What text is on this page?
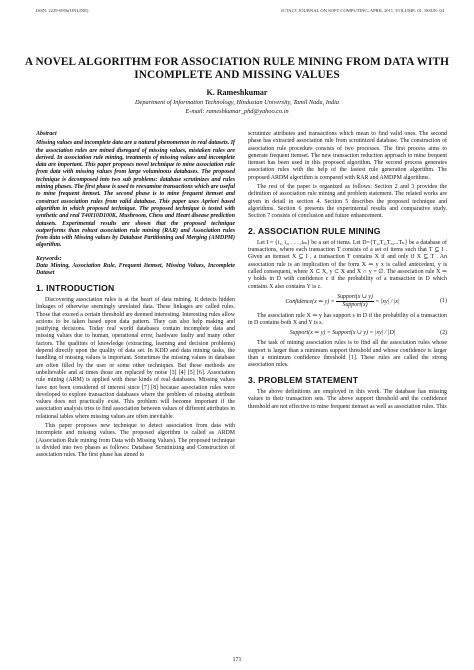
ISSN: 2229-6956(ONLINE)	ICTACT JOURNAL ON SOFT COMPUTING, APRIL 2011, VOLUME: 01, ISSUE: 04
A NOVEL ALGORITHM FOR ASSOCIATION RULE MINING FROM DATA WITH
INCOMPLETE AND MISSING VALUES
K. Rameshkumar
Department of Information Technology, Hindustan University, Tamil Nadu, India
E-mail: rameshkumar_phd@yahoo.co.in
Abstract

Missing values and incomplete data are a natural phenomenon in real datasets. If the association rules are mined disregard of missing values, mistaken rules are derived. In association rule mining, treatments of missing values and incomplete data are important. This paper proposes novel technique to mine association rule from data with missing values from large voluminous databases. The proposed technique is decomposed into two sub problems: database scrutinizes and rules mining phases. The first phase is used to reexamine transactions which are useful to mine frequent itemset. The second phase is to mine frequent itemset and construct association rules from valid database. This paper uses Apriori based algorithm in which proposed technique. The proposed technique is tested with synthetic and real T40I10D100K, Mushroom, Chess and Heart disease prediction datasets. Experimental results are shown that the proposed technique outperforms than robust association rule mining (RAR) and Association rules from data with Missing values by Database Partitioning and Merging (AMDPM) algorithm.

Keywords:
Data Mining, Association Rule, Frequent Itemset, Missing Values, Incomplete Dataset
1. INTRODUCTION

Discovering association rules is at the heart of data mining. It detects hidden linkages of otherwise seemingly unrelated data. These linkages are called rules. Those that exceed a certain threshold are deemed interesting. Interesting rules allow actions to be taken based upon data pattern. They can also help making and justifying decisions. Today real world databases contain incomplete data and missing values due to human, operational error, hardware faulty and many other factors. The qualities of knowledge (extracting, learning and decision problems) depend directly upon the quality of data set. In KDD and data mining tasks, the handling of missing values is important. Sometimes the missing values in database are often filled by the user or some other techniques. But these methods are unbelievable and at times those are replaced by noise [3] [4] [5] [6]. Association rule mining (ARM) is applied with these kinds of real databases. Missing values have not been considered of interest since [7] [8] because association rules were developed to explore transaction databases where the problem of missing attribute values does not practically exist. This problem will become important if the association analysis tries to find association between values of different attributes in relational tables where missing values are often inevitable.

This paper proposes new technique to detect association from data with incomplete and missing values. The proposed algorithm is called as ARDM (Association Rule mining from Data with Missing Values). The proposed technique is divided into two phases as follows: Database Scrutinizing and Construction of association rules. The first phase has aimed to

scrutinize attributes and transactions which mean to find valid ones. The second phase has extracted association rule from scrutinized database. The construction of association rule procedure consists of two processes. The first process aims to generate frequent itemset. The new transaction reduction approach to mine frequent itemset has been used in this proposed algorithm. The second process generates association rules with the help of the fastest rule generation algorithm. The proposed ARDM algorithm is compared with RAR and AMDPM algorithms.

The rest of the paper is organized as follows: Section 2 and 3 provides the definition of association rule mining and problem statement. The related works are given in detail in section 4. Section 5 describes the proposed technique and algorithms. Section 6 presents the experimental results and comparative study. Section 7 consists of conclusion and future enhancement.

2. ASSOCIATION RULE MINING

Let I = {i₁, i₂, . . . ,iₘ} be a set of items. Let D={T₁,T₂,T₃,...Tₙ} be a database of transactions, where each transaction T consists of a set of items such that T ⊆ I . Given an itemset X ⊆ I , a transaction T contains X if and only if X ⊆ T . An association rule is an implication of the form X ⇒ y x is called antecedent, y is called consequent, where X ⊂ X, y ⊂ X and X ∩ y = ∅. The association rule X ⇒ y holds in D with confidence c if the probability of a transaction in D which contains X also contains Y is c.

Confidence(x ⇒ $y) = \frac{\text{Support(x ∪ y)}}{\text{Support(x)}} = |xy| / |x|$	(1)

The association rule X ⇒ y has support s in D if the probability of a transaction in D contains both X and Y is s.

Support(x ⇒ y) = Support(x ∪ y) = |xy| / |D|	(2)

The task of mining association rules is to find all the association rules whose support is larger than a minimum support threshold and whose confidence is larger than a minimum confidence threshold [1]. These rules are called the strong association rules.

3. PROBLEM STATEMENT

The above definitions are employed in this work. The database has missing values in their transaction sets. The above support threshold and the confidence threshold are not effective to mine frequent itemset as well as association rules. This

171
